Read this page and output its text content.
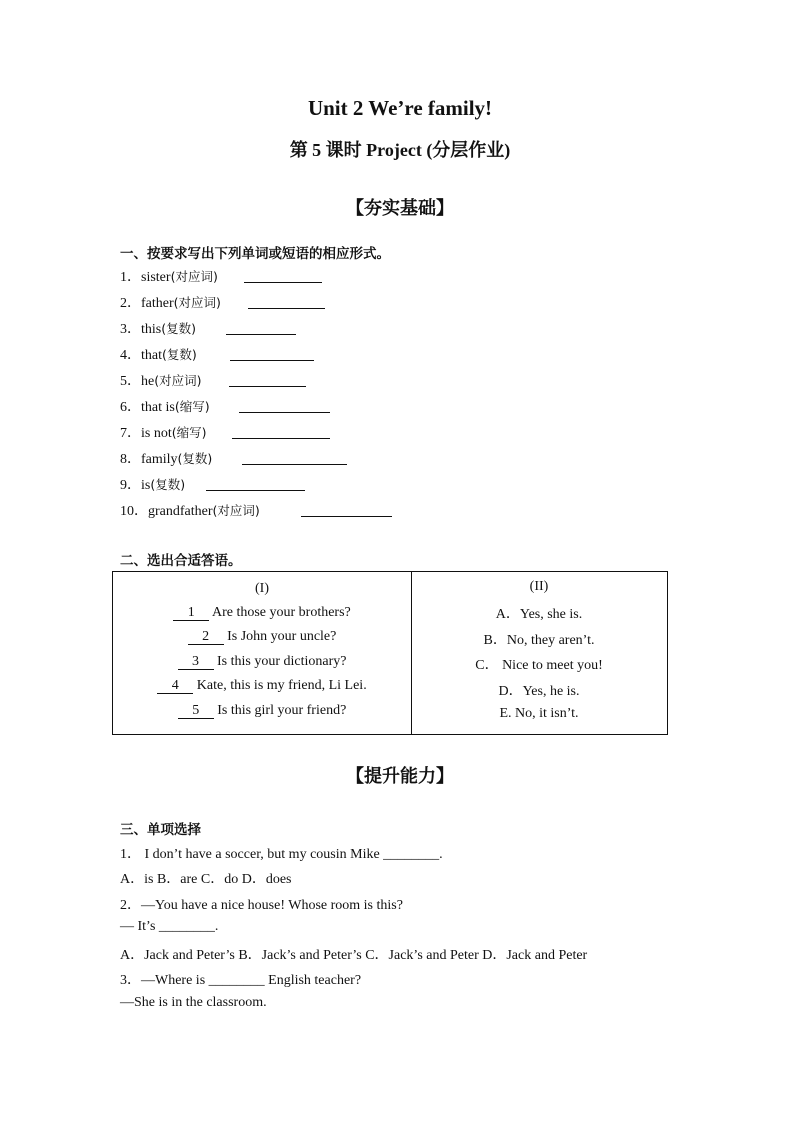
Unit 2 We’re family!
第 5 课时 Project (分层作业)
【夯实基础】
一、按要求写出下列单词或短语的相应形式。
1．sister(对应词)
2．father(对应词)
3．this(复数)
4．that(复数)
5．he(对应词)
6．that is(缩写)
7．is not(缩写)
8．family(复数)
9．is(复数)
10．grandfather(对应词)
二、选出合适答语。
(I)	(II)
1    Are those your brothers?
2    Is John your uncle?
3    Is this your dictionary?
4    Kate, this is my friend, Li Lei.
5    Is this girl your friend?
A．Yes, she is.
B．No, they aren’t.
C． Nice to meet you!
D．Yes, he is.
E. No, it isn’t.
【提升能力】
三、单项选择
1． I don’t have a soccer, but my cousin Mike ________.
A．is B．are C．do D．does
2．—You have a nice house! Whose room is this?
— It’s ________.
A．Jack and Peter’s B．Jack’s and Peter’s C．Jack’s and Peter D．Jack and Peter
3．—Where is ________ English teacher?
—She is in the classroom.
